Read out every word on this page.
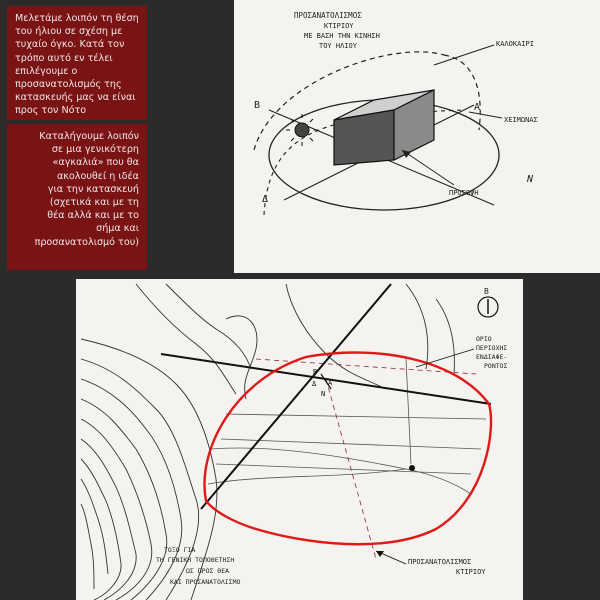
Μελετάμε λοιπόν τη θέση
του ήλιου σε σχέση με
τυχαίο όγκο. Κατά τον
τρόπο αυτό εν τέλει
επιλέγουμε ο
προσανατολισμός της
κατασκευής μας να είναι
προς τον Νότο
Καταλήγουμε λοιπόν
σε μια γενικότερη
«αγκαλιά» που θα
ακολουθεί η ιδέα
για την κατασκευή
(σχετικά και με τη
θέα αλλά και με το
σήμα και
προσανατολισμό του)
ΠΡΟΣΑΝΑΤΟΛΙΣΜΟΣ
ΚΤΙΡΙΟΥ
ΜΕ ΒΑΣΗ ΤΗΝ ΚΙΝΗΣΗ
ΤΟΥ ΗΛΙΟΥ	ΚΑΛΟΚΑΙΡΙ
ΧΕΙΜΩΝΑΣ
ΠΡΟΣΟΨΗ
B	A
Δ
N
B
A
Δ
N
B
ΟΡΙΟ
ΠΕΡΙΟΧΗΣ
ΕΝΔΙΑΦΕ-
ΡΟΝΤΟΣ
ΠΡΟΣΑΝΑΤΟΛΙΣΜΟΣ
ΚΤΙΡΙΟΥ
ΤΟΞΟ ΓΙΑ
ΤΗ ΓΕΝΙΚΗ ΤΟΠΟΘΕΤΗΣΗ
ΩΣ ΠΡΟΣ ΘΕΑ
ΚΑΙ ΠΡΟΣΑΝΑΤΟΛΙΣΜΟ
